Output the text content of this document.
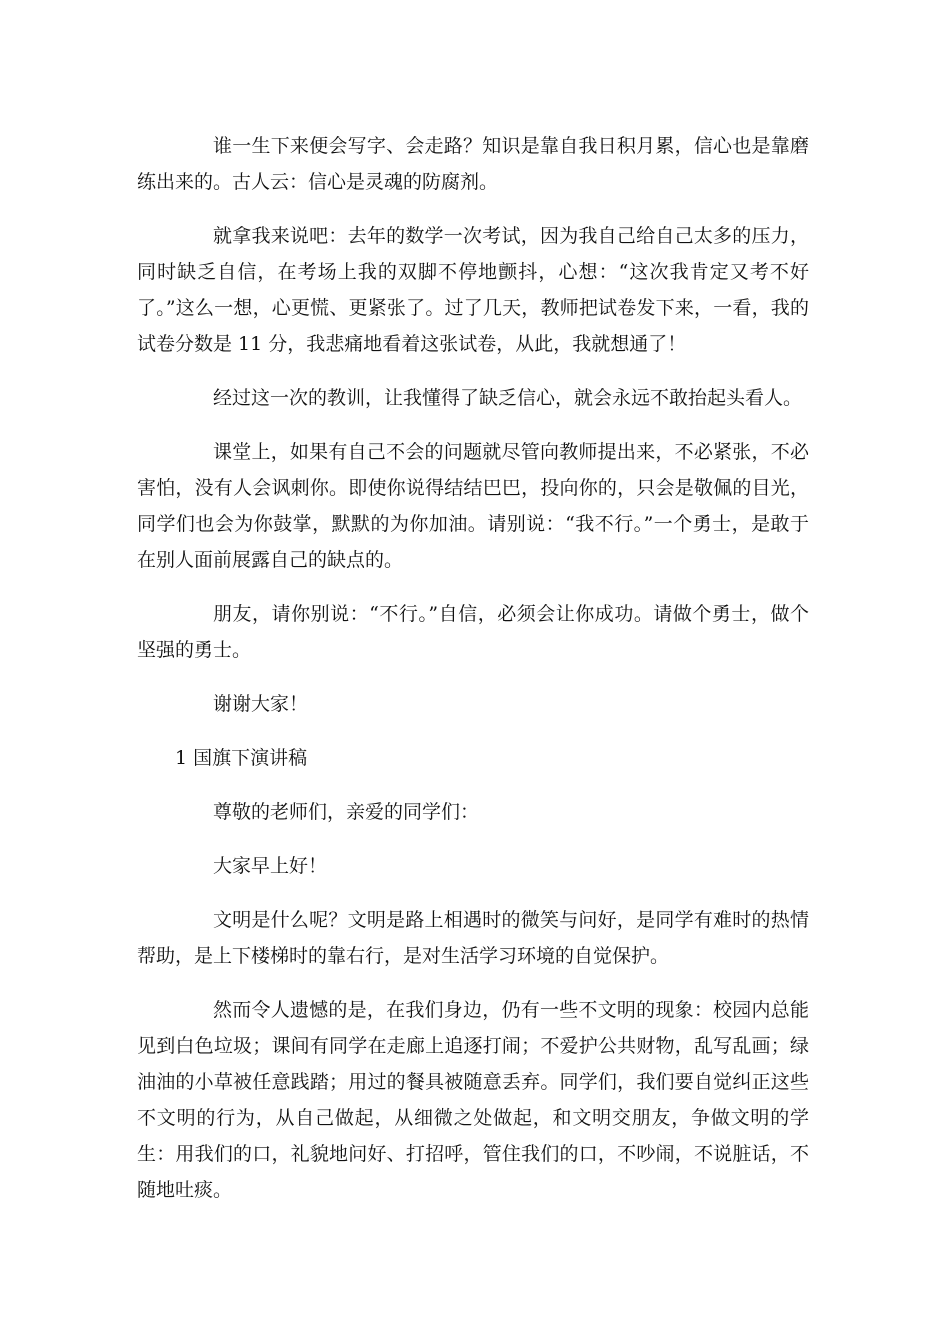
谁一生下来便会写字、会走路？知识是靠自我日积月累，信心也是靠磨练出来的。古人云：信心是灵魂的防腐剂。

就拿我来说吧：去年的数学一次考试，因为我自己给自己太多的压力，同时缺乏自信，在考场上我的双脚不停地颤抖，心想：“这次我肯定又考不好了。”这么一想，心更慌、更紧张了。过了几天，教师把试卷发下来，一看，我的试卷分数是 11 分，我悲痛地看着这张试卷，从此，我就想通了！

经过这一次的教训，让我懂得了缺乏信心，就会永远不敢抬起头看人。

课堂上，如果有自己不会的问题就尽管向教师提出来，不必紧张，不必害怕，没有人会讽刺你。即使你说得结结巴巴，投向你的，只会是敬佩的目光，同学们也会为你鼓掌，默默的为你加油。请别说：“我不行。”一个勇士，是敢于在别人面前展露自己的缺点的。

朋友，请你别说：“不行。”自信，必须会让你成功。请做个勇士，做个坚强的勇士。

谢谢大家！

1 国旗下演讲稿

尊敬的老师们，亲爱的同学们：

大家早上好！

文明是什么呢？文明是路上相遇时的微笑与问好，是同学有难时的热情帮助，是上下楼梯时的靠右行，是对生活学习环境的自觉保护。

然而令人遗憾的是，在我们身边，仍有一些不文明的现象：校园内总能见到白色垃圾；课间有同学在走廊上追逐打闹；不爱护公共财物，乱写乱画；绿油油的小草被任意践踏；用过的餐具被随意丢弃。同学们，我们要自觉纠正这些不文明的行为，从自己做起，从细微之处做起，和文明交朋友，争做文明的学生：用我们的口，礼貌地问好、打招呼，管住我们的口，不吵闹，不说脏话，不随地吐痰。
